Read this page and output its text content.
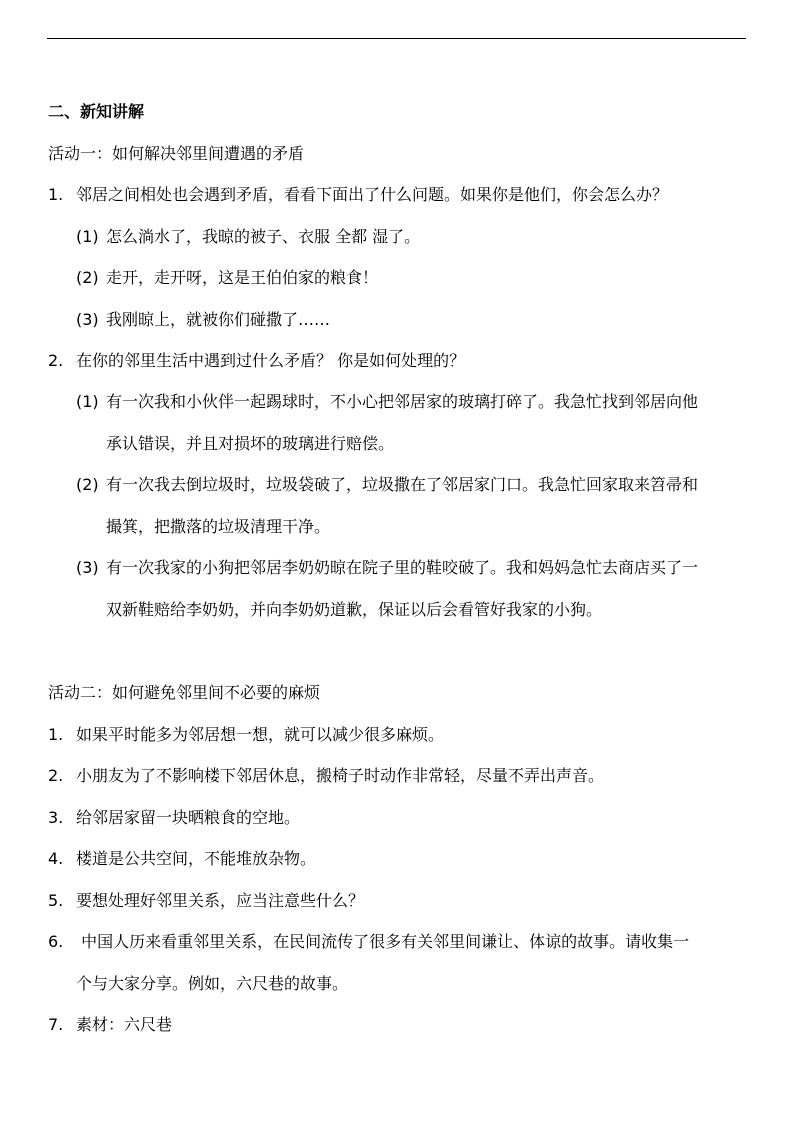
二、新知讲解
活动一：如何解决邻里间遭遇的矛盾
1. 邻居之间相处也会遇到矛盾，看看下面出了什么问题。如果你是他们，你会怎么办？
(1) 怎么淌水了，我晾的被子、衣服 全都 湿了。
(2) 走开，走开呀，这是王伯伯家的粮食！
(3) 我刚晾上，就被你们碰撒了……
2. 在你的邻里生活中遇到过什么矛盾？ 你是如何处理的？
(1) 有一次我和小伙伴一起踢球时，不小心把邻居家的玻璃打碎了。我急忙找到邻居向他
承认错误，并且对损坏的玻璃进行赔偿。
(2) 有一次我去倒垃圾时，垃圾袋破了，垃圾撒在了邻居家门口。我急忙回家取来笤帚和
撮箕，把撒落的垃圾清理干净。
(3) 有一次我家的小狗把邻居李奶奶晾在院子里的鞋咬破了。我和妈妈急忙去商店买了一
双新鞋赔给李奶奶，并向李奶奶道歉，保证以后会看管好我家的小狗。
活动二：如何避免邻里间不必要的麻烦
1. 如果平时能多为邻居想一想，就可以减少很多麻烦。
2. 小朋友为了不影响楼下邻居休息，搬椅子时动作非常轻，尽量不弄出声音。
3. 给邻居家留一块晒粮食的空地。
4. 楼道是公共空间，不能堆放杂物。
5. 要想处理好邻里关系，应当注意些什么？
6. 中国人历来看重邻里关系，在民间流传了很多有关邻里间谦让、体谅的故事。请收集一
个与大家分享。例如，六尺巷的故事。
7. 素材：六尺巷
